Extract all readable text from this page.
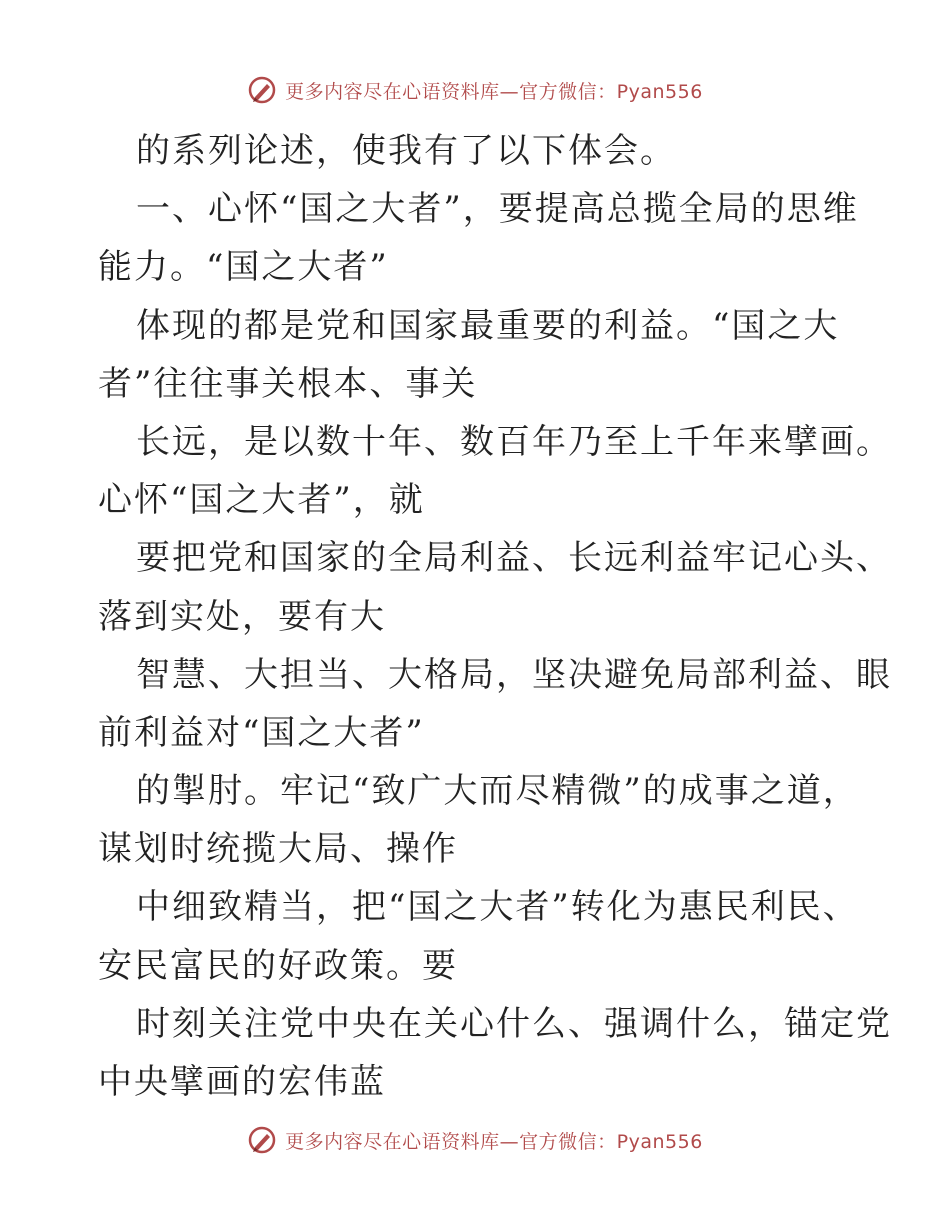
更多内容尽在心语资料库—官方微信：Pyan556
的系列论述，使我有了以下体会。
一、心怀“国之大者”，要提高总揽全局的思维
能力。“国之大者”
体现的都是党和国家最重要的利益。“国之大
者”往往事关根本、事关
长远，是以数十年、数百年乃至上千年来擘画。
心怀“国之大者”，就
要把党和国家的全局利益、长远利益牢记心头、
落到实处，要有大
智慧、大担当、大格局，坚决避免局部利益、眼
前利益对“国之大者”
的掣肘。牢记“致广大而尽精微”的成事之道，
谋划时统揽大局、操作
中细致精当，把“国之大者”转化为惠民利民、
安民富民的好政策。要
时刻关注党中央在关心什么、强调什么，锚定党
中央擘画的宏伟蓝
更多内容尽在心语资料库—官方微信：Pyan556
